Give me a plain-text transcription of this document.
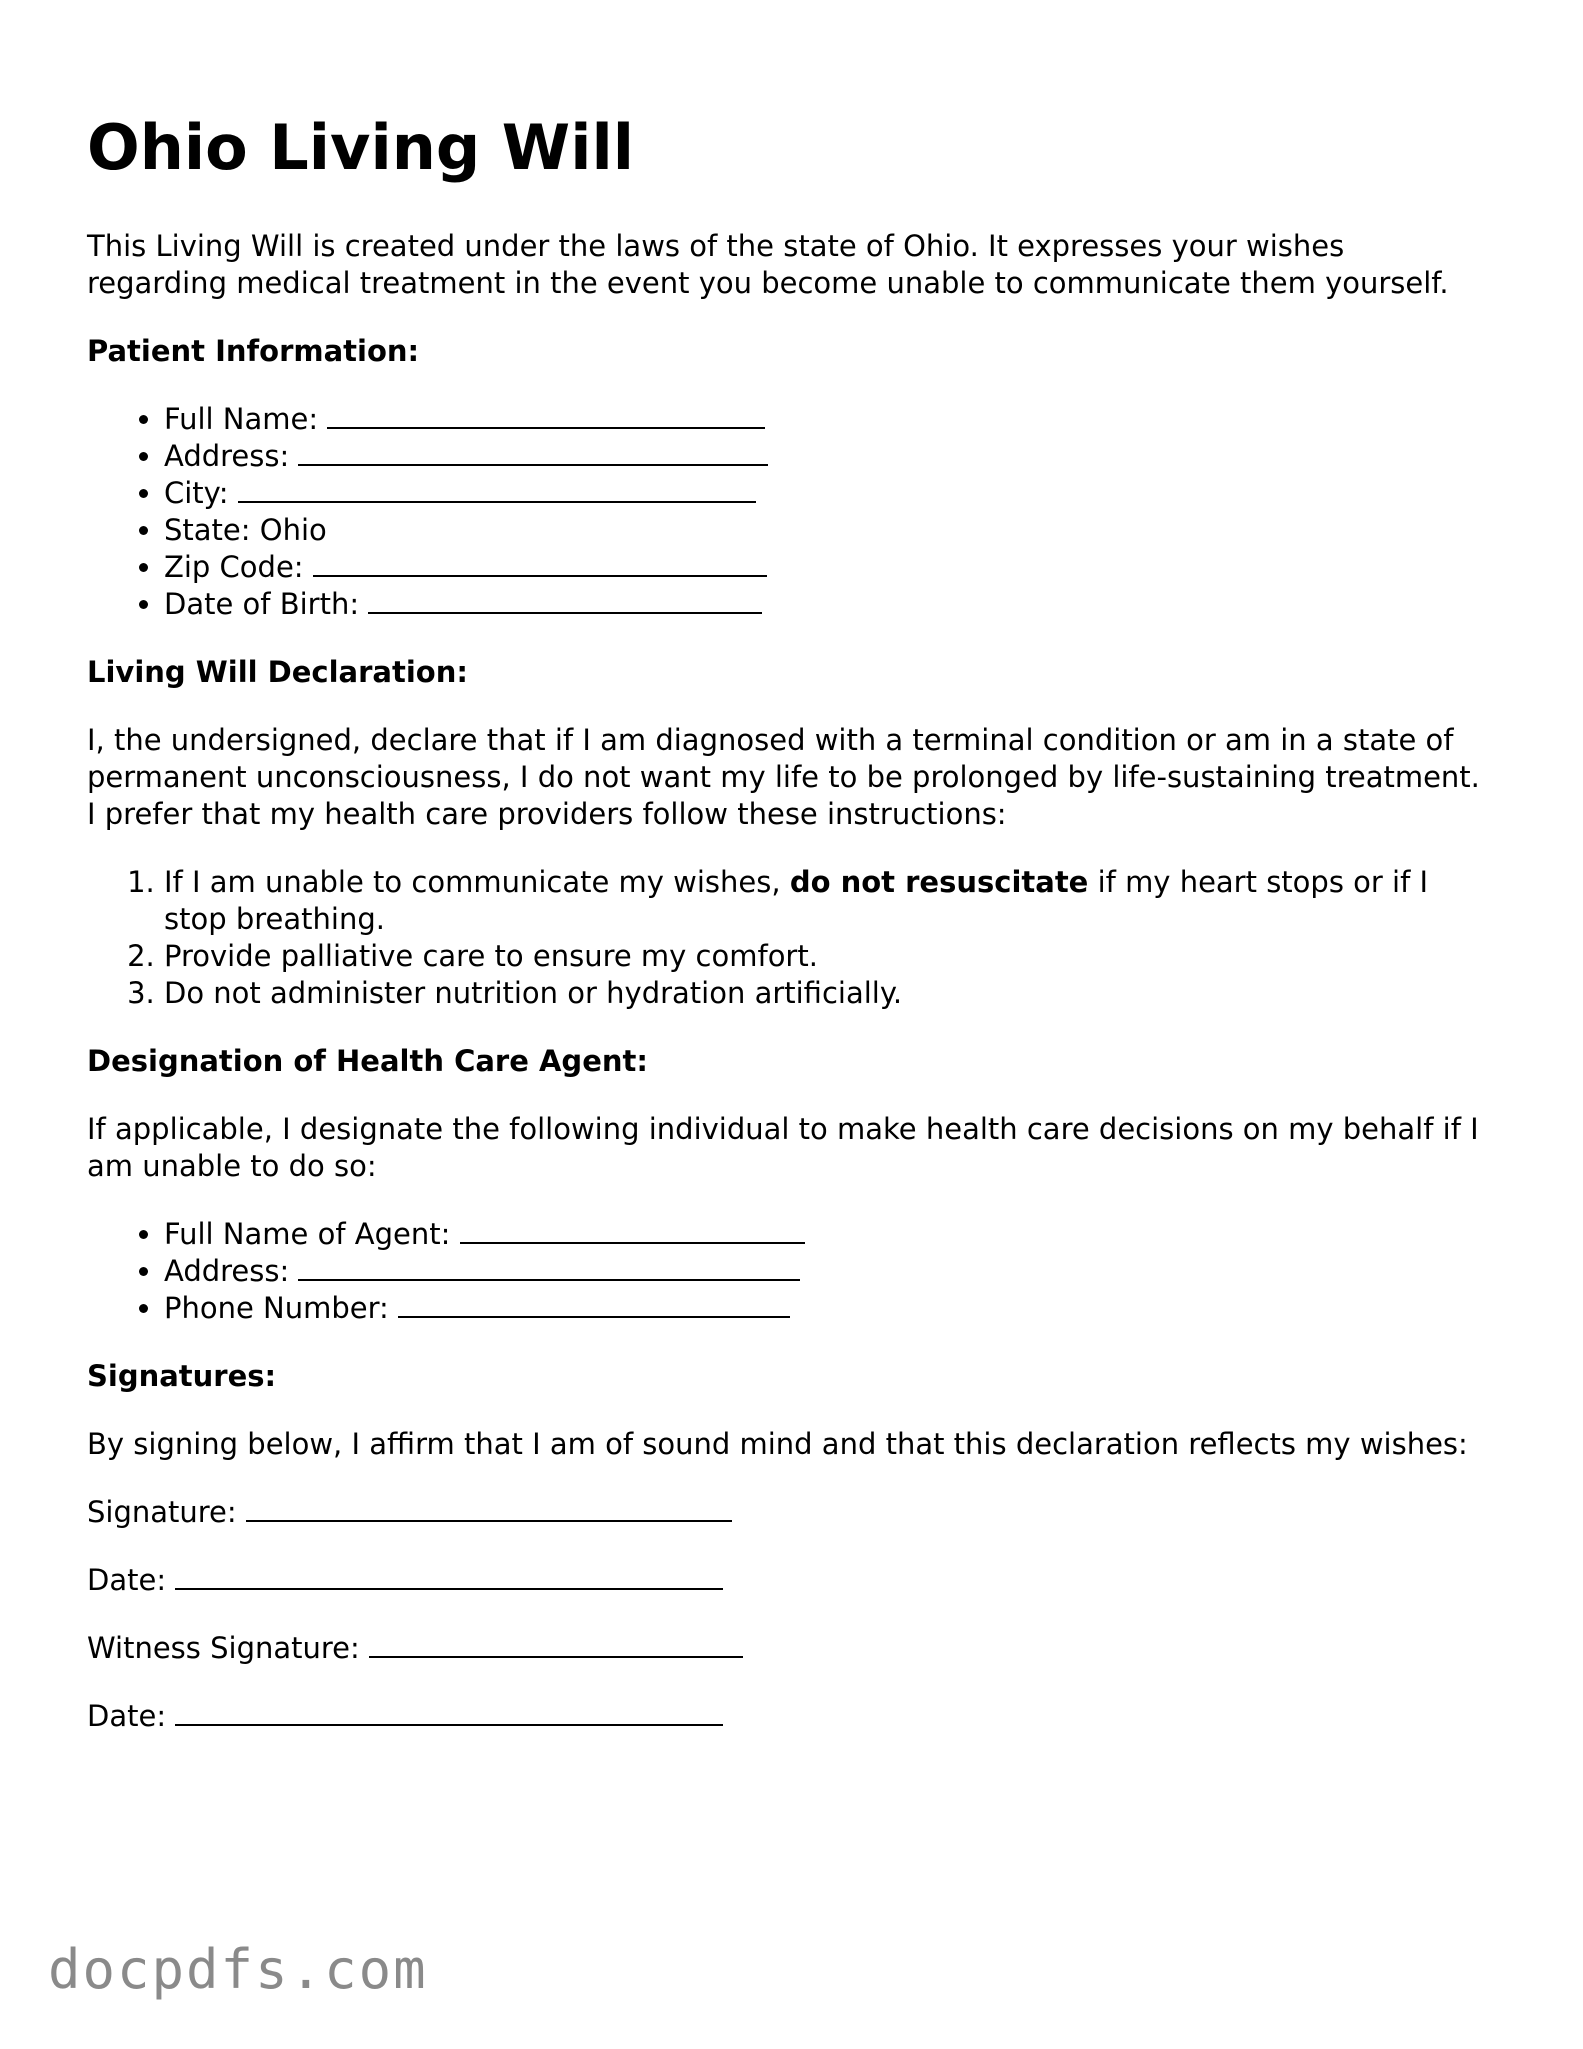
Ohio Living Will

This Living Will is created under the laws of the state of Ohio. It expresses your wishes regarding medical treatment in the event you become unable to communicate them yourself.

Patient Information:
• Full Name:
• Address:
• City:
• State: Ohio
• Zip Code:
• Date of Birth:
Living Will Declaration:

I, the undersigned, declare that if I am diagnosed with a terminal condition or am in a state of permanent unconsciousness, I do not want my life to be prolonged by life-sustaining treatment. I prefer that my health care providers follow these instructions:

1. If I am unable to communicate my wishes, do not resuscitate if my heart stops or if I stop breathing.
2. Provide palliative care to ensure my comfort.
3. Do not administer nutrition or hydration artificially.
Designation of Health Care Agent:

If applicable, I designate the following individual to make health care decisions on my behalf if I am unable to do so:

• Full Name of Agent:
• Address:
• Phone Number:
Signatures:

By signing below, I affirm that I am of sound mind and that this declaration reflects my wishes:

Signature:
Date:
Witness Signature:
Date:
docpdfs.com
